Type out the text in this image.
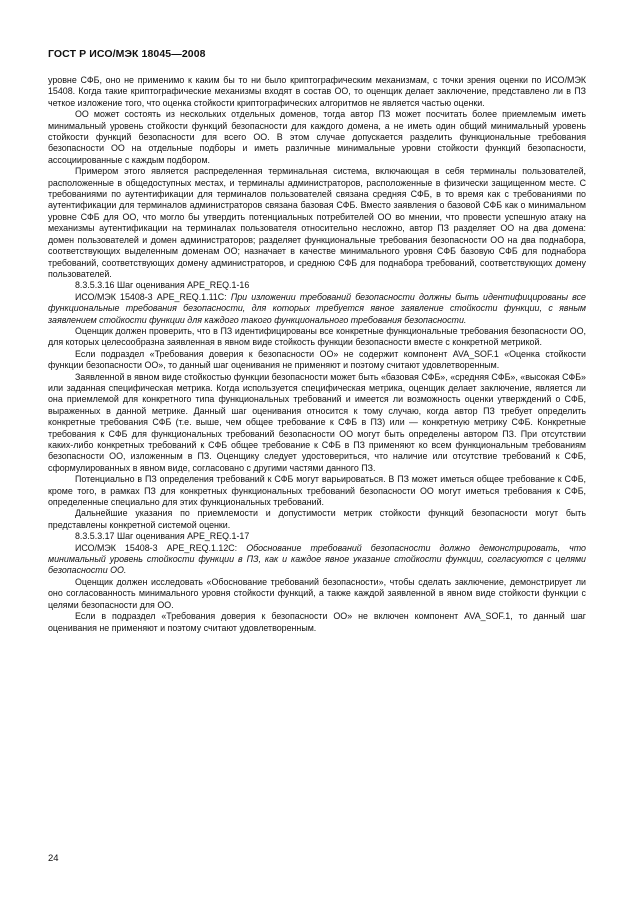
ГОСТ Р ИСО/МЭК 18045—2008

уровне СФБ, оно не применимо к каким бы то ни было криптографическим механизмам, с точки зрения оценки по ИСО/МЭК 15408. Когда такие криптографические механизмы входят в состав ОО, то оценщик делает заключение, представлено ли в ПЗ четкое изложение того, что оценка стойкости криптографических алгоритмов не является частью оценки.

ОО может состоять из нескольких отдельных доменов, тогда автор ПЗ может посчитать более приемлемым иметь минимальный уровень стойкости функций безопасности для каждого домена, а не иметь один общий минимальный уровень стойкости функций безопасности для всего ОО. В этом случае допускается разделить функциональные требования безопасности ОО на отдельные подборы и иметь различные минимальные уровни стойкости функций безопасности, ассоциированные с каждым подбором.

Примером этого является распределенная терминальная система, включающая в себя терминалы пользователей, расположенные в общедоступных местах, и терминалы администраторов, расположенные в физически защищенном месте. С требованиями по аутентификации для терминалов пользователей связана средняя СФБ, в то время как с требованиями по аутентификации для терминалов администраторов связана базовая СФБ. Вместо заявления о базовой СФБ как о минимальном уровне СФБ для ОО, что могло бы утвердить потенциальных потребителей ОО во мнении, что провести успешную атаку на механизмы аутентификации на терминалах пользователя относительно несложно, автор ПЗ разделяет ОО на два домена: домен пользователей и домен администраторов; разделяет функциональные требования безопасности ОО на два поднабора, соответствующих выделенным доменам ОО; назначает в качестве минимального уровня СФБ базовую СФБ для поднабора требований, соответствующих домену администраторов, и среднюю СФБ для поднабора требований, соответствующих домену пользователей.

8.3.5.3.16 Шаг оценивания APE_REQ.1-16

ИСО/МЭК 15408-3 APE_REQ.1.11C: При изложении требований безопасности должны быть идентифицированы все функциональные требования безопасности, для которых требуется явное заявление стойкости функции, с явным заявлением стойкости функции для каждого такого функционального требования безопасности.

Оценщик должен проверить, что в ПЗ идентифицированы все конкретные функциональные требования безопасности ОО, для которых целесообразна заявленная в явном виде стойкость функции безопасности вместе с конкретной метрикой.

Если подраздел «Требования доверия к безопасности ОО» не содержит компонент AVA_SOF.1 «Оценка стойкости функции безопасности ОО», то данный шаг оценивания не применяют и поэтому считают удовлетворенным.

Заявленной в явном виде стойкостью функции безопасности может быть «базовая СФБ», «средняя СФБ», «высокая СФБ» или заданная специфическая метрика. Когда используется специфическая метрика, оценщик делает заключение, является ли она приемлемой для конкретного типа функциональных требований и имеется ли возможность оценки утверждений о СФБ, выраженных в данной метрике. Данный шаг оценивания относится к тому случаю, когда автор ПЗ требует определить конкретные требования СФБ (т.е. выше, чем общее требование к СФБ в ПЗ) или — конкретную метрику СФБ. Конкретные требования к СФБ для функциональных требований безопасности ОО могут быть определены автором ПЗ. При отсутствии каких-либо конкретных требований к СФБ общее требование к СФБ в ПЗ применяют ко всем функциональным требованиям безопасности ОО, изложенным в ПЗ. Оценщику следует удостовериться, что наличие или отсутствие требований к СФБ, сформулированных в явном виде, согласовано с другими частями данного ПЗ.

Потенциально в ПЗ определения требований к СФБ могут варьироваться. В ПЗ может иметься общее требование к СФБ, кроме того, в рамках ПЗ для конкретных функциональных требований безопасности ОО могут иметься требования к СФБ, определенные специально для этих функциональных требований.

Дальнейшие указания по приемлемости и допустимости метрик стойкости функций безопасности могут быть представлены конкретной системой оценки.

8.3.5.3.17 Шаг оценивания APE_REQ.1-17

ИСО/МЭК 15408-3 APE_REQ.1.12C: Обоснование требований безопасности должно демонстрировать, что минимальный уровень стойкости функции в ПЗ, как и каждое явное указание стойкости функции, согласуются с целями безопасности ОО.

Оценщик должен исследовать «Обоснование требований безопасности», чтобы сделать заключение, демонстрирует ли оно согласованность минимального уровня стойкости функций, а также каждой заявленной в явном виде стойкости функции с целями безопасности для ОО.

Если в подраздел «Требования доверия к безопасности ОО» не включен компонент AVA_SOF.1, то данный шаг оценивания не применяют и поэтому считают удовлетворенным.

24
